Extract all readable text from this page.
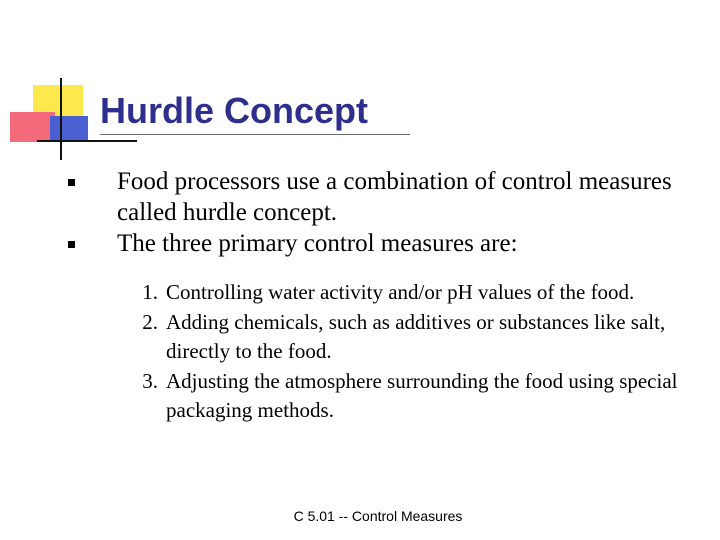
Hurdle Concept
Food processors use a combination of control measures called hurdle concept.
The three primary control measures are:
1. Controlling water activity and/or pH values of the food.
2. Adding chemicals, such as additives or substances like salt, directly to the food.
3. Adjusting the atmosphere surrounding the food using special packaging methods.
C 5.01 -- Control Measures
